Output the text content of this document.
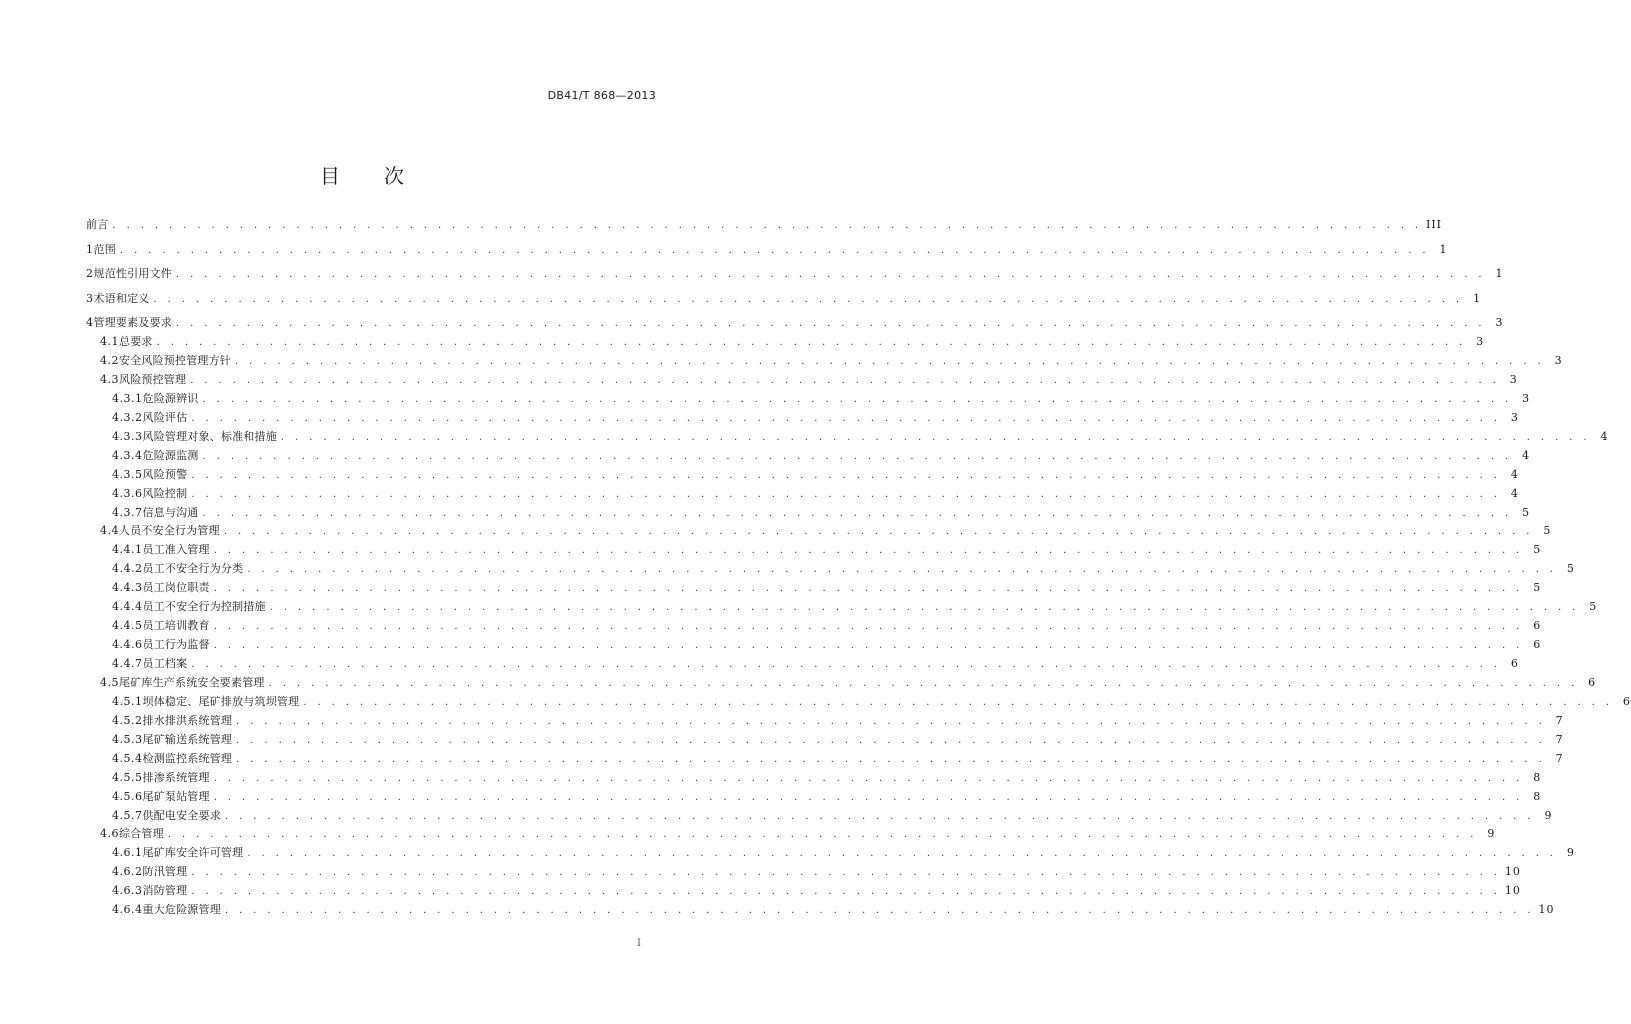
DB41/T 868—2013
目次
前言 . . . . . . . . . . . . . . . . . . . . . . . . . . . . . . . . . . . . . . . . . . . . . . . . . . . . . . . . . . . . . . . . . . . . . . . . . . . . . . . . . . . . . . . . . . . . . III
1 范围 . . . . . . . . . . . . . . . . . . . . . . . . . . . . . . . . . . . . . . . . . . . . . . . . . . . . . . . . . . . . . . . . . . . . . . . . . . . . . . . . . . . . . . . . . . . . . 1
2 规范性引用文件 . . . . . . . . . . . . . . . . . . . . . . . . . . . . . . . . . . . . . . . . . . . . . . . . . . . . . . . . . . . . . . . . . . . . . . . . . . . . . . . . . . . . . . . . . . . . . 1
3 术语和定义 . . . . . . . . . . . . . . . . . . . . . . . . . . . . . . . . . . . . . . . . . . . . . . . . . . . . . . . . . . . . . . . . . . . . . . . . . . . . . . . . . . . . . . . . . . . . . 1
4 管理要素及要求 . . . . . . . . . . . . . . . . . . . . . . . . . . . . . . . . . . . . . . . . . . . . . . . . . . . . . . . . . . . . . . . . . . . . . . . . . . . . . . . . . . . . . . . . . . . . . 3
4.1 总要求 . . . . . . . . . . . . . . . . . . . . . . . . . . . . . . . . . . . . . . . . . . . . . . . . . . . . . . . . . . . . . . . . . . . . . . . . . . . . . . . . . . . . . . . . . . . . . 3
4.2 安全风险预控管理方针 . . . . . . . . . . . . . . . . . . . . . . . . . . . . . . . . . . . . . . . . . . . . . . . . . . . . . . . . . . . . . . . . . . . . . . . . . . . . . . . . . . . . . . . . . . . . . 3
4.3 风险预控管理 . . . . . . . . . . . . . . . . . . . . . . . . . . . . . . . . . . . . . . . . . . . . . . . . . . . . . . . . . . . . . . . . . . . . . . . . . . . . . . . . . . . . . . . . . . . . . 3
4.3.1 危险源辨识 . . . . . . . . . . . . . . . . . . . . . . . . . . . . . . . . . . . . . . . . . . . . . . . . . . . . . . . . . . . . . . . . . . . . . . . . . . . . . . . . . . . . . . . . . . . . . 3
4.3.2 风险评估 . . . . . . . . . . . . . . . . . . . . . . . . . . . . . . . . . . . . . . . . . . . . . . . . . . . . . . . . . . . . . . . . . . . . . . . . . . . . . . . . . . . . . . . . . . . . . 3
4.3.3 风险管理对象、标准和措施 . . . . . . . . . . . . . . . . . . . . . . . . . . . . . . . . . . . . . . . . . . . . . . . . . . . . . . . . . . . . . . . . . . . . . . . . . . . . . . . . . . . . . . . . . . . . . 4
4.3.4 危险源监测 . . . . . . . . . . . . . . . . . . . . . . . . . . . . . . . . . . . . . . . . . . . . . . . . . . . . . . . . . . . . . . . . . . . . . . . . . . . . . . . . . . . . . . . . . . . . . 4
4.3.5 风险预警 . . . . . . . . . . . . . . . . . . . . . . . . . . . . . . . . . . . . . . . . . . . . . . . . . . . . . . . . . . . . . . . . . . . . . . . . . . . . . . . . . . . . . . . . . . . . . 4
4.3.6 风险控制 . . . . . . . . . . . . . . . . . . . . . . . . . . . . . . . . . . . . . . . . . . . . . . . . . . . . . . . . . . . . . . . . . . . . . . . . . . . . . . . . . . . . . . . . . . . . . 4
4.3.7 信息与沟通 . . . . . . . . . . . . . . . . . . . . . . . . . . . . . . . . . . . . . . . . . . . . . . . . . . . . . . . . . . . . . . . . . . . . . . . . . . . . . . . . . . . . . . . . . . . . . 5
4.4 人员不安全行为管理 . . . . . . . . . . . . . . . . . . . . . . . . . . . . . . . . . . . . . . . . . . . . . . . . . . . . . . . . . . . . . . . . . . . . . . . . . . . . . . . . . . . . . . . . . . . . . 5
4.4.1 员工准入管理 . . . . . . . . . . . . . . . . . . . . . . . . . . . . . . . . . . . . . . . . . . . . . . . . . . . . . . . . . . . . . . . . . . . . . . . . . . . . . . . . . . . . . . . . . . . . . 5
4.4.2 员工不安全行为分类 . . . . . . . . . . . . . . . . . . . . . . . . . . . . . . . . . . . . . . . . . . . . . . . . . . . . . . . . . . . . . . . . . . . . . . . . . . . . . . . . . . . . . . . . . . . . . 5
4.4.3 员工岗位职责 . . . . . . . . . . . . . . . . . . . . . . . . . . . . . . . . . . . . . . . . . . . . . . . . . . . . . . . . . . . . . . . . . . . . . . . . . . . . . . . . . . . . . . . . . . . . . 5
4.4.4 员工不安全行为控制措施 . . . . . . . . . . . . . . . . . . . . . . . . . . . . . . . . . . . . . . . . . . . . . . . . . . . . . . . . . . . . . . . . . . . . . . . . . . . . . . . . . . . . . . . . . . . . . 5
4.4.5 员工培训教育 . . . . . . . . . . . . . . . . . . . . . . . . . . . . . . . . . . . . . . . . . . . . . . . . . . . . . . . . . . . . . . . . . . . . . . . . . . . . . . . . . . . . . . . . . . . . . 6
4.4.6 员工行为监督 . . . . . . . . . . . . . . . . . . . . . . . . . . . . . . . . . . . . . . . . . . . . . . . . . . . . . . . . . . . . . . . . . . . . . . . . . . . . . . . . . . . . . . . . . . . . . 6
4.4.7 员工档案 . . . . . . . . . . . . . . . . . . . . . . . . . . . . . . . . . . . . . . . . . . . . . . . . . . . . . . . . . . . . . . . . . . . . . . . . . . . . . . . . . . . . . . . . . . . . . 6
4.5 尾矿库生产系统安全要素管理 . . . . . . . . . . . . . . . . . . . . . . . . . . . . . . . . . . . . . . . . . . . . . . . . . . . . . . . . . . . . . . . . . . . . . . . . . . . . . . . . . . . . . . . . . . . . . 6
4.5.1 坝体稳定、尾矿排放与筑坝管理 . . . . . . . . . . . . . . . . . . . . . . . . . . . . . . . . . . . . . . . . . . . . . . . . . . . . . . . . . . . . . . . . . . . . . . . . . . . . . . . . . . . . . . . . . . . . . 6
4.5.2 排水排洪系统管理 . . . . . . . . . . . . . . . . . . . . . . . . . . . . . . . . . . . . . . . . . . . . . . . . . . . . . . . . . . . . . . . . . . . . . . . . . . . . . . . . . . . . . . . . . . . . . 7
4.5.3 尾矿输送系统管理 . . . . . . . . . . . . . . . . . . . . . . . . . . . . . . . . . . . . . . . . . . . . . . . . . . . . . . . . . . . . . . . . . . . . . . . . . . . . . . . . . . . . . . . . . . . . . 7
4.5.4 检测监控系统管理 . . . . . . . . . . . . . . . . . . . . . . . . . . . . . . . . . . . . . . . . . . . . . . . . . . . . . . . . . . . . . . . . . . . . . . . . . . . . . . . . . . . . . . . . . . . . . 7
4.5.5 排渗系统管理 . . . . . . . . . . . . . . . . . . . . . . . . . . . . . . . . . . . . . . . . . . . . . . . . . . . . . . . . . . . . . . . . . . . . . . . . . . . . . . . . . . . . . . . . . . . . . 8
4.5.6 尾矿泵站管理 . . . . . . . . . . . . . . . . . . . . . . . . . . . . . . . . . . . . . . . . . . . . . . . . . . . . . . . . . . . . . . . . . . . . . . . . . . . . . . . . . . . . . . . . . . . . . 8
4.5.7 供配电安全要求 . . . . . . . . . . . . . . . . . . . . . . . . . . . . . . . . . . . . . . . . . . . . . . . . . . . . . . . . . . . . . . . . . . . . . . . . . . . . . . . . . . . . . . . . . . . . . 9
4.6 综合管理 . . . . . . . . . . . . . . . . . . . . . . . . . . . . . . . . . . . . . . . . . . . . . . . . . . . . . . . . . . . . . . . . . . . . . . . . . . . . . . . . . . . . . . . . . . . . . 9
4.6.1 尾矿库安全许可管理 . . . . . . . . . . . . . . . . . . . . . . . . . . . . . . . . . . . . . . . . . . . . . . . . . . . . . . . . . . . . . . . . . . . . . . . . . . . . . . . . . . . . . . . . . . . . . 9
4.6.2 防汛管理 . . . . . . . . . . . . . . . . . . . . . . . . . . . . . . . . . . . . . . . . . . . . . . . . . . . . . . . . . . . . . . . . . . . . . . . . . . . . . . . . . . . . . . . . . . . . . 10
4.6.3 消防管理 . . . . . . . . . . . . . . . . . . . . . . . . . . . . . . . . . . . . . . . . . . . . . . . . . . . . . . . . . . . . . . . . . . . . . . . . . . . . . . . . . . . . . . . . . . . . . 10
4.6.4 重大危险源管理 . . . . . . . . . . . . . . . . . . . . . . . . . . . . . . . . . . . . . . . . . . . . . . . . . . . . . . . . . . . . . . . . . . . . . . . . . . . . . . . . . . . . . . . . . . . . . 10
I
